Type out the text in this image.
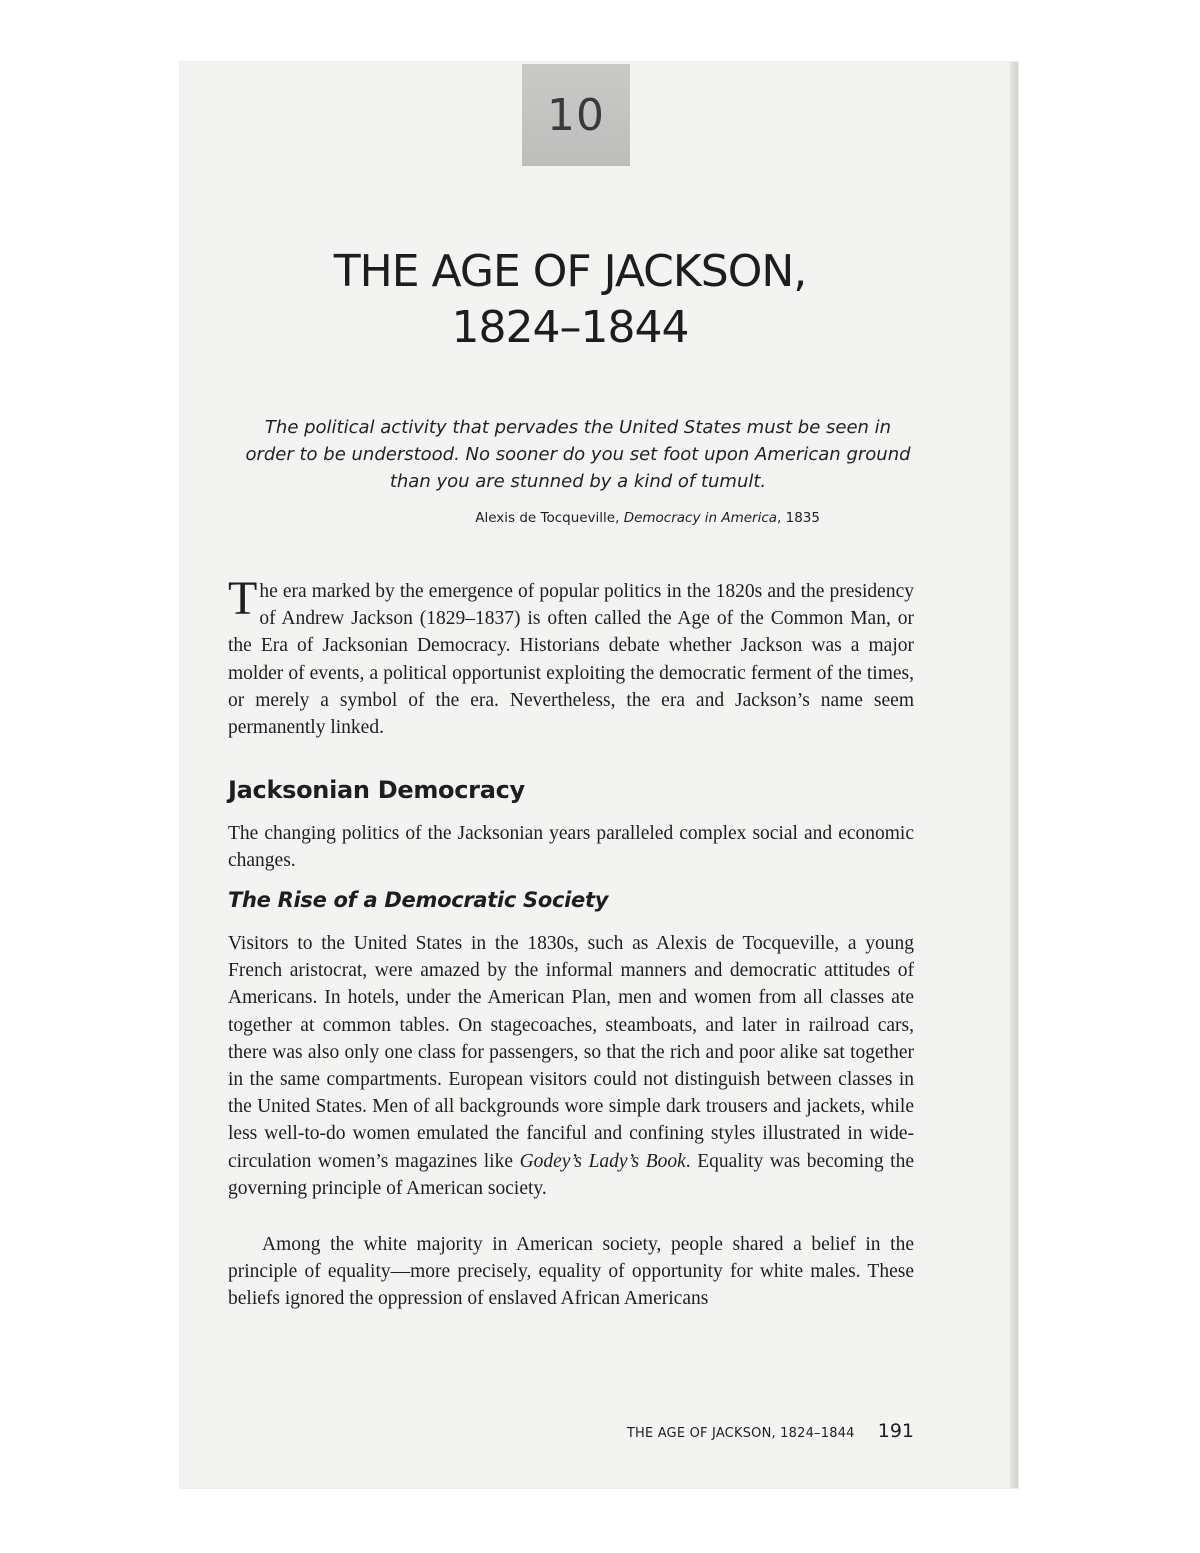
10
THE AGE OF JACKSON,
1824–1844
The political activity that pervades the United States must be seen in order to be understood. No sooner do you set foot upon American ground than you are stunned by a kind of tumult.
Alexis de Tocqueville, Democracy in America, 1835

The era marked by the emergence of popular politics in the 1820s and the presidency of Andrew Jackson (1829–1837) is often called the Age of the Common Man, or the Era of Jacksonian Democracy. Historians debate whether Jackson was a major molder of events, a political opportunist exploiting the democratic ferment of the times, or merely a symbol of the era. Nevertheless, the era and Jackson’s name seem permanently linked.

Jacksonian Democracy

The changing politics of the Jacksonian years paralleled complex social and economic changes.

The Rise of a Democratic Society

Visitors to the United States in the 1830s, such as Alexis de Tocqueville, a young French aristocrat, were amazed by the informal manners and democratic attitudes of Americans. In hotels, under the American Plan, men and women from all classes ate together at common tables. On stagecoaches, steamboats, and later in railroad cars, there was also only one class for passengers, so that the rich and poor alike sat together in the same compartments. European visitors could not distinguish between classes in the United States. Men of all backgrounds wore simple dark trousers and jackets, while less well-to-do women emulated the fanciful and confining styles illustrated in wide-circulation women’s magazines like Godey’s Lady’s Book. Equality was becoming the governing principle of American society.

Among the white majority in American society, people shared a belief in the principle of equality—more precisely, equality of opportunity for white males. These beliefs ignored the oppression of enslaved African Americans

THE AGE OF JACKSON, 1824–1844 191
